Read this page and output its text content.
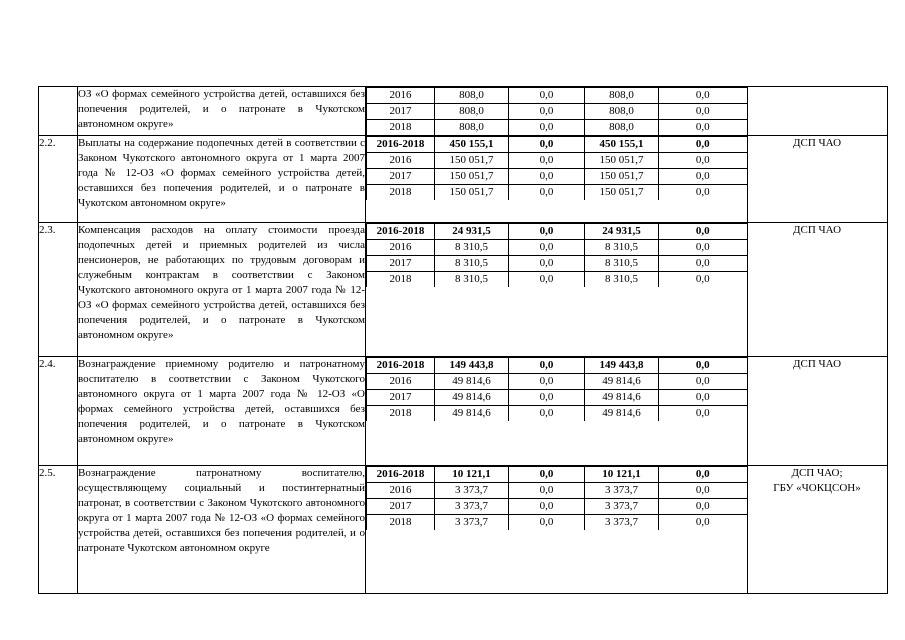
	ОЗ «О формах семейного устройства детей, оставшихся без попечения родителей, и о патронате в Чукотском автономном округе»	
2016	808,0	0,0	808,0	0,0
2017	808,0	0,0	808,0	0,0
2018	808,0	0,0	808,0	0,0

2.2.	Выплаты на содержание подопечных детей в соответствии с Законом Чукотского автономного округа от 1 марта 2007 года № 12-ОЗ «О формах семейного устройства детей, оставшихся без попечения родителей, и о патронате в Чукотском автономном округе»	
2016-2018	450 155,1	0,0	450 155,1	0,0
2016	150 051,7	0,0	150 051,7	0,0
2017	150 051,7	0,0	150 051,7	0,0
2018	150 051,7	0,0	150 051,7	0,0
	ДСП ЧАО
2.3.	Компенсация расходов на оплату стоимости проезда подопечных детей и приемных родителей из числа пенсионеров, не работающих по трудовым договорам и служебным контрактам в соответствии с Законом Чукотского автономного округа от 1 марта 2007 года № 12-ОЗ «О формах семейного устройства детей, оставшихся без попечения родителей, и о патронате в Чукотском автономном округе»	
2016-2018	24 931,5	0,0	24 931,5	0,0
2016	8 310,5	0,0	8 310,5	0,0
2017	8 310,5	0,0	8 310,5	0,0
2018	8 310,5	0,0	8 310,5	0,0
	ДСП ЧАО
2.4.	Вознаграждение приемному родителю и патронатному воспитателю в соответствии с Законом Чукотского автономного округа от 1 марта 2007 года № 12-ОЗ «О формах семейного устройства детей, оставшихся без попечения родителей, и о патронате в Чукотском автономном округе»	
2016-2018	149 443,8	0,0	149 443,8	0,0
2016	49 814,6	0,0	49 814,6	0,0
2017	49 814,6	0,0	49 814,6	0,0
2018	49 814,6	0,0	49 814,6	0,0
	ДСП ЧАО
2.5.	Вознаграждение патронатному воспитателю, осуществляющему социальный и постинтернатный патронат, в соответствии с Законом Чукотского автономного округа от 1 марта 2007 года № 12-ОЗ «О формах семейного устройства детей, оставшихся без попечения родителей, и о патронате Чукотском автономном округе	
2016-2018	10 121,1	0,0	10 121,1	0,0
2016	3 373,7	0,0	3 373,7	0,0
2017	3 373,7	0,0	3 373,7	0,0
2018	3 373,7	0,0	3 373,7	0,0
	ДСП ЧАО;
ГБУ «ЧОКЦСОН»
